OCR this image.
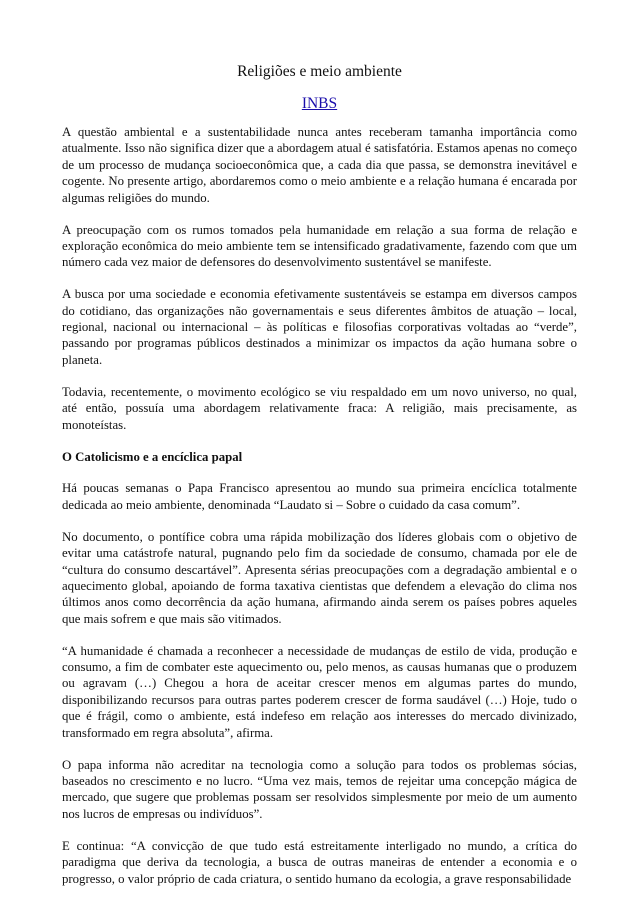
Religiões e meio ambiente
INBS

A questão ambiental e a sustentabilidade nunca antes receberam tamanha importância como atualmente. Isso não significa dizer que a abordagem atual é satisfatória. Estamos apenas no começo de um processo de mudança socioeconômica que, a cada dia que passa, se demonstra inevitável e cogente. No presente artigo, abordaremos como o meio ambiente e a relação humana é encarada por algumas religiões do mundo.

A preocupação com os rumos tomados pela humanidade em relação a sua forma de relação e exploração econômica do meio ambiente tem se intensificado gradativamente, fazendo com que um número cada vez maior de defensores do desenvolvimento sustentável se manifeste.

A busca por uma sociedade e economia efetivamente sustentáveis se estampa em diversos campos do cotidiano, das organizações não governamentais e seus diferentes âmbitos de atuação – local, regional, nacional ou internacional – às políticas e filosofias corporativas voltadas ao “verde”, passando por programas públicos destinados a minimizar os impactos da ação humana sobre o planeta.

Todavia, recentemente, o movimento ecológico se viu respaldado em um novo universo, no qual, até então, possuía uma abordagem relativamente fraca: A religião, mais precisamente, as monoteístas.

O Catolicismo e a encíclica papal

Há poucas semanas o Papa Francisco apresentou ao mundo sua primeira encíclica totalmente dedicada ao meio ambiente, denominada “Laudato si – Sobre o cuidado da casa comum”.

No documento, o pontífice cobra uma rápida mobilização dos líderes globais com o objetivo de evitar uma catástrofe natural, pugnando pelo fim da sociedade de consumo, chamada por ele de “cultura do consumo descartável”. Apresenta sérias preocupações com a degradação ambiental e o aquecimento global, apoiando de forma taxativa cientistas que defendem a elevação do clima nos últimos anos como decorrência da ação humana, afirmando ainda serem os países pobres aqueles que mais sofrem e que mais são vitimados.

“A humanidade é chamada a reconhecer a necessidade de mudanças de estilo de vida, produção e consumo, a fim de combater este aquecimento ou, pelo menos, as causas humanas que o produzem ou agravam (…) Chegou a hora de aceitar crescer menos em algumas partes do mundo, disponibilizando recursos para outras partes poderem crescer de forma saudável (…) Hoje, tudo o que é frágil, como o ambiente, está indefeso em relação aos interesses do mercado divinizado, transformado em regra absoluta”, afirma.

O papa informa não acreditar na tecnologia como a solução para todos os problemas sócias, baseados no crescimento e no lucro. “Uma vez mais, temos de rejeitar uma concepção mágica de mercado, que sugere que problemas possam ser resolvidos simplesmente por meio de um aumento nos lucros de empresas ou indivíduos”.

E continua: “A convicção de que tudo está estreitamente interligado no mundo, a crítica do paradigma que deriva da tecnologia, a busca de outras maneiras de entender a economia e o progresso, o valor próprio de cada criatura, o sentido humano da ecologia, a grave responsabilidade
